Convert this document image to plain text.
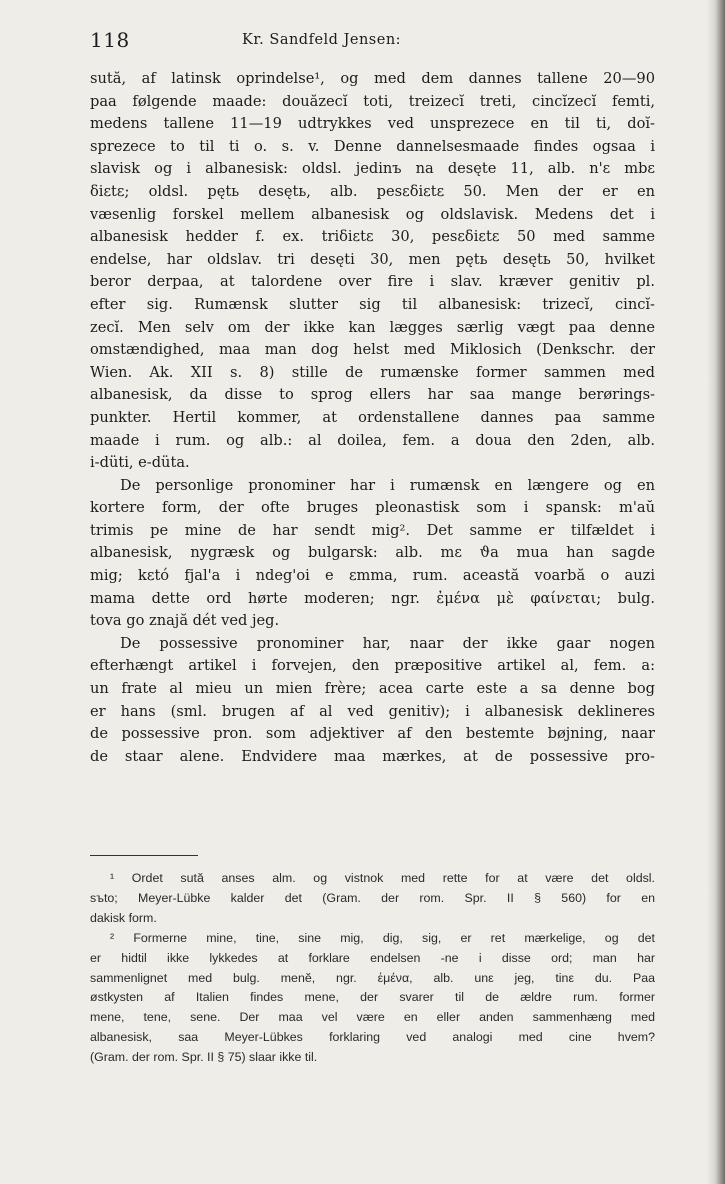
118	Kr. Sandfeld Jensen:
sută, af latinsk oprindelse¹, og med dem dannes tallene 20—90
paa følgende maade: douăzecĭ toti, treizecĭ treti, cincĭzecĭ femti,
medens tallene 11—19 udtrykkes ved unsprezece en til ti, doĭ-
sprezece to til ti o. s. v. Denne dannelsesmaade findes ogsaa i
slavisk og i albanesisk: oldsl. jedinъ na desęte 11, alb. n'ɛ mbɛ
δiεtε; oldsl. pętь desętь, alb. pesεδiεtε 50. Men der er en
væsenlig forskel mellem albanesisk og oldslavisk. Medens det i
albanesisk hedder f. ex. triδiεtε 30, pesεδiεtε 50 med samme
endelse, har oldslav. tri desęti 30, men pętь desętь 50, hvilket
beror derpaa, at talordene over fire i slav. kræver genitiv pl.
efter sig. Rumænsk slutter sig til albanesisk: trizecĭ, cincĭ-
zecĭ. Men selv om der ikke kan lægges særlig vægt paa denne
omstændighed, maa man dog helst med Miklosich (Denkschr. der
Wien. Ak. XII s. 8) stille de rumænske former sammen med
albanesisk, da disse to sprog ellers har saa mange berørings-
punkter. Hertil kommer, at ordenstallene dannes paa samme
maade i rum. og alb.: al doilea, fem. a doua den 2den, alb.
i-düti, e-düta.
De personlige pronominer har i rumænsk en længere og en
kortere form, der ofte bruges pleonastisk som i spansk: m'aŭ
trimis pe mine de har sendt mig². Det samme er tilfældet i
albanesisk, nygræsk og bulgarsk: alb. mɛ ϑa mua han sagde
mig; kεtó fjal'a i ndeg'oi e εmma, rum. această voarbă o auzi
mama dette ord hørte moderen; ngr. ἐμένα μὲ φαίνεται; bulg.
tova go znajă dét ved jeg.
De possessive pronominer har, naar der ikke gaar nogen
efterhængt artikel i forvejen, den præpositive artikel al, fem. a:
un frate al mieu un mien frère; acea carte este a sa denne bog
er hans (sml. brugen af al ved genitiv); i albanesisk deklineres
de possessive pron. som adjektiver af den bestemte bøjning, naar
de staar alene. Endvidere maa mærkes, at de possessive pro-
¹ Ordet sută anses alm. og vistnok med rette for at være det oldsl.
sъto; Meyer-Lübke kalder det (Gram. der rom. Spr. II § 560) for en
dakisk form.
² Formerne mine, tine, sine mig, dig, sig, er ret mærkelige, og det
er hidtil ikke lykkedes at forklare endelsen -ne i disse ord; man har
sammenlignet med bulg. menĕ, ngr. ἐμένα, alb. unε jeg, tinε du. Paa
østkysten af Italien findes mene, der svarer til de ældre rum. former
mene, tene, sene. Der maa vel være en eller anden sammenhæng med
albanesisk, saa Meyer-Lübkes forklaring ved analogi med cine hvem?
(Gram. der rom. Spr. II § 75) slaar ikke til.
